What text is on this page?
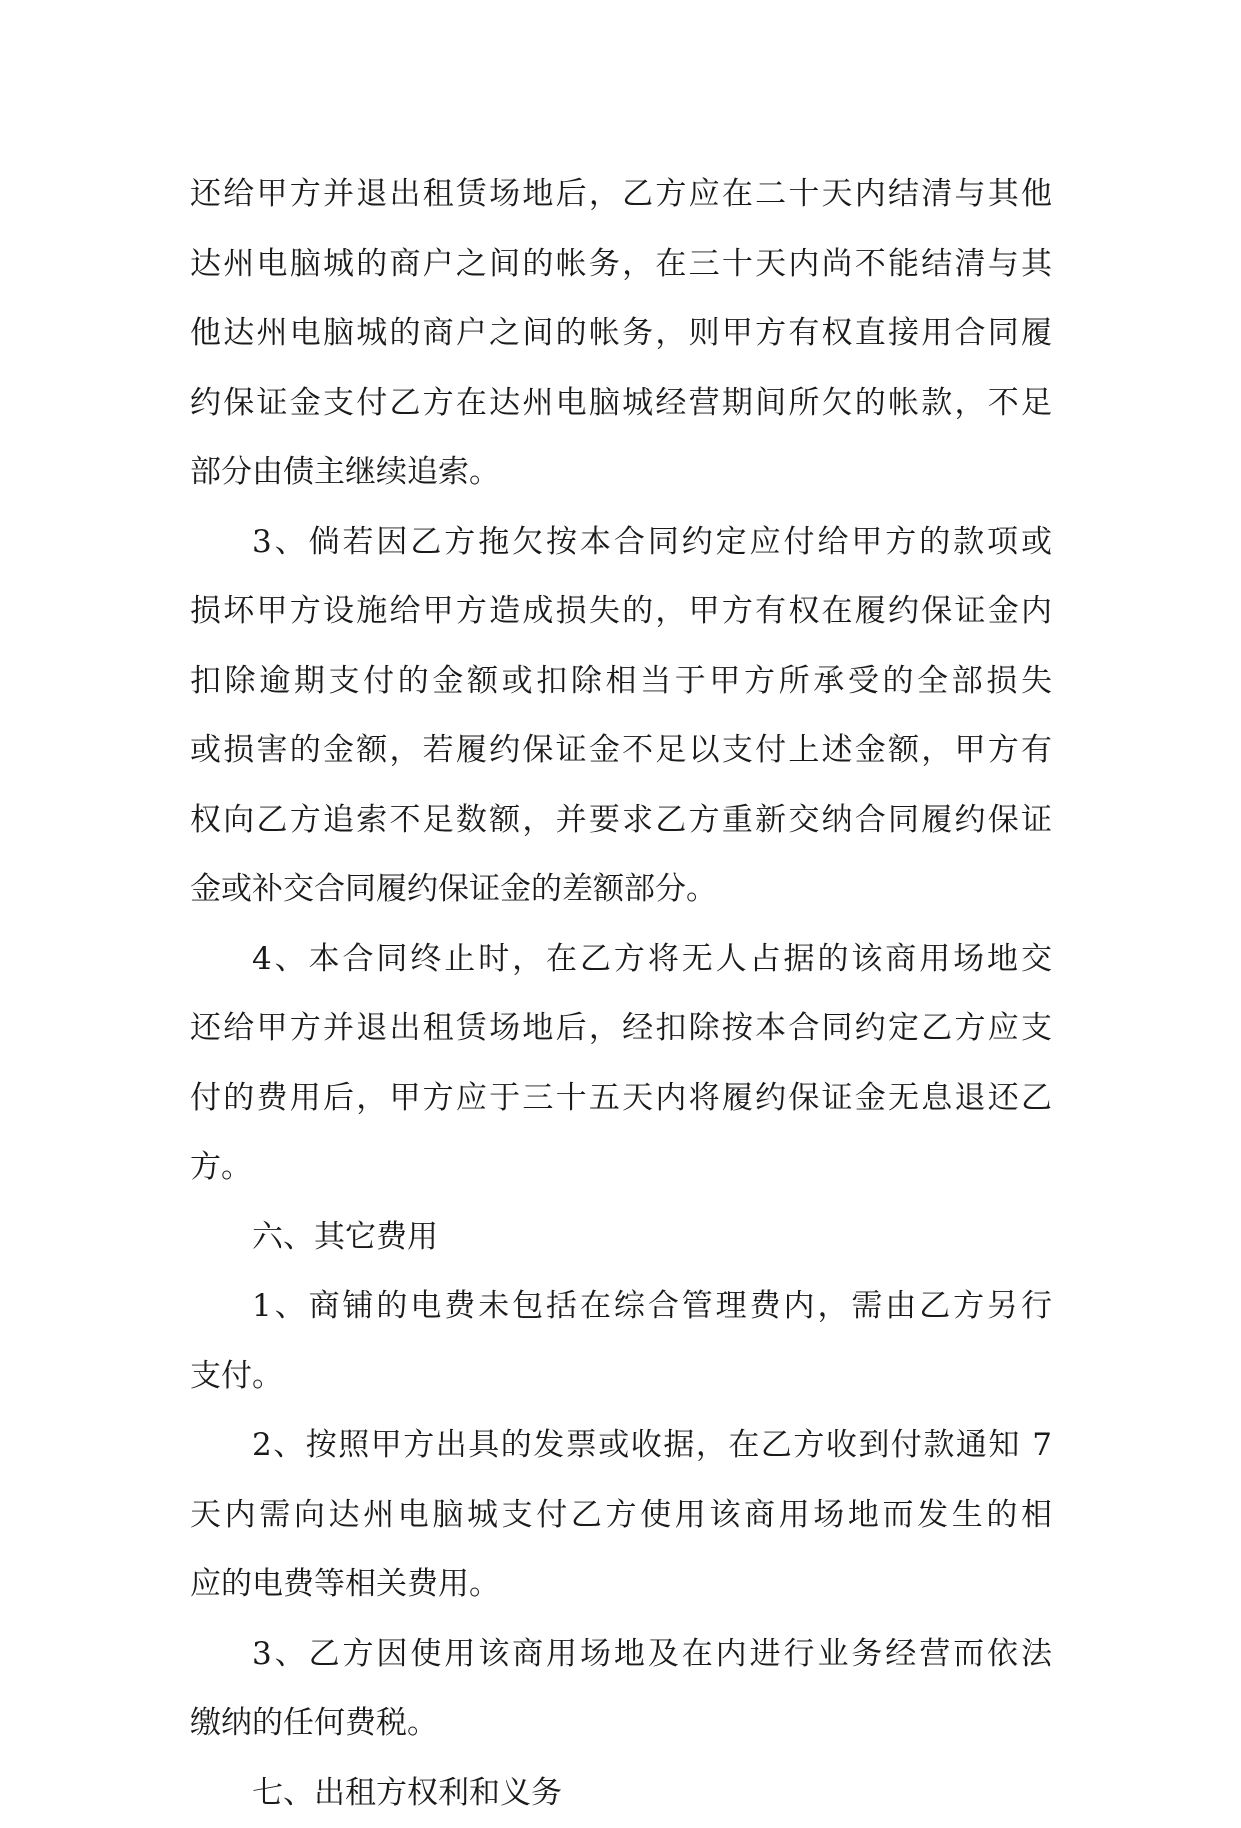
还给甲方并退出租赁场地后，乙方应在二十天内结清与其他
达州电脑城的商户之间的帐务，在三十天内尚不能结清与其
他达州电脑城的商户之间的帐务，则甲方有权直接用合同履
约保证金支付乙方在达州电脑城经营期间所欠的帐款，不足
部分由债主继续追索。
3、倘若因乙方拖欠按本合同约定应付给甲方的款项或
损坏甲方设施给甲方造成损失的，甲方有权在履约保证金内
扣除逾期支付的金额或扣除相当于甲方所承受的全部损失
或损害的金额，若履约保证金不足以支付上述金额，甲方有
权向乙方追索不足数额，并要求乙方重新交纳合同履约保证
金或补交合同履约保证金的差额部分。
4、本合同终止时，在乙方将无人占据的该商用场地交
还给甲方并退出租赁场地后，经扣除按本合同约定乙方应支
付的费用后，甲方应于三十五天内将履约保证金无息退还乙
方。
六、其它费用
1、商铺的电费未包括在综合管理费内，需由乙方另行
支付。
2、按照甲方出具的发票或收据，在乙方收到付款通知 7
天内需向达州电脑城支付乙方使用该商用场地而发生的相
应的电费等相关费用。
3、乙方因使用该商用场地及在内进行业务经营而依法
缴纳的任何费税。
七、出租方权利和义务
